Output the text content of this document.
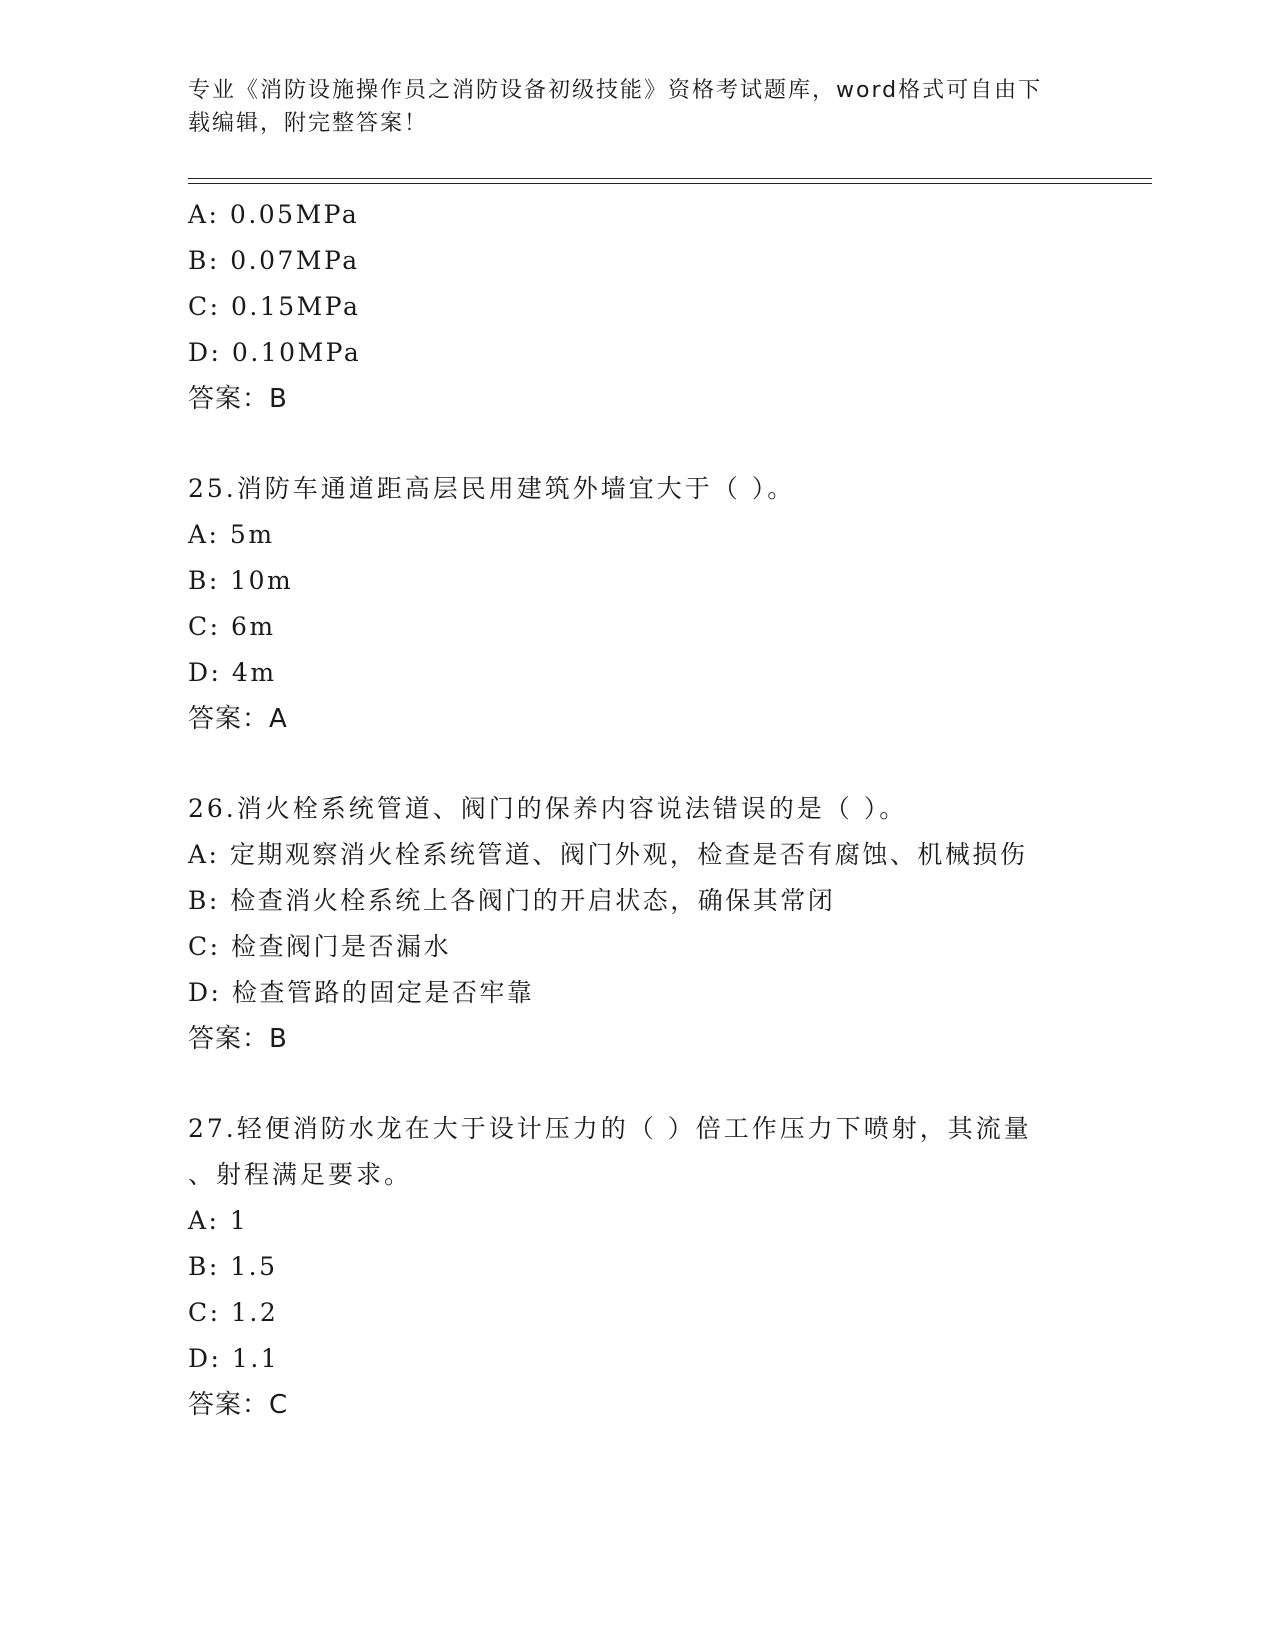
专业《消防设施操作员之消防设备初级技能》资格考试题库，word格式可自由下
载编辑，附完整答案！
A: 0.05MPa
B: 0.07MPa
C: 0.15MPa
D: 0.10MPa
答案：B
25.消防车通道距高层民用建筑外墙宜大于（ ）。
A: 5m
B: 10m
C: 6m
D: 4m
答案：A
26.消火栓系统管道、阀门的保养内容说法错误的是（ ）。
A: 定期观察消火栓系统管道、阀门外观，检查是否有腐蚀、机械损伤
B: 检查消火栓系统上各阀门的开启状态，确保其常闭
C: 检查阀门是否漏水
D: 检查管路的固定是否牢靠
答案：B
27.轻便消防水龙在大于设计压力的（ ）倍工作压力下喷射，其流量
、射程满足要求。
A: 1
B: 1.5
C: 1.2
D: 1.1
答案：C
